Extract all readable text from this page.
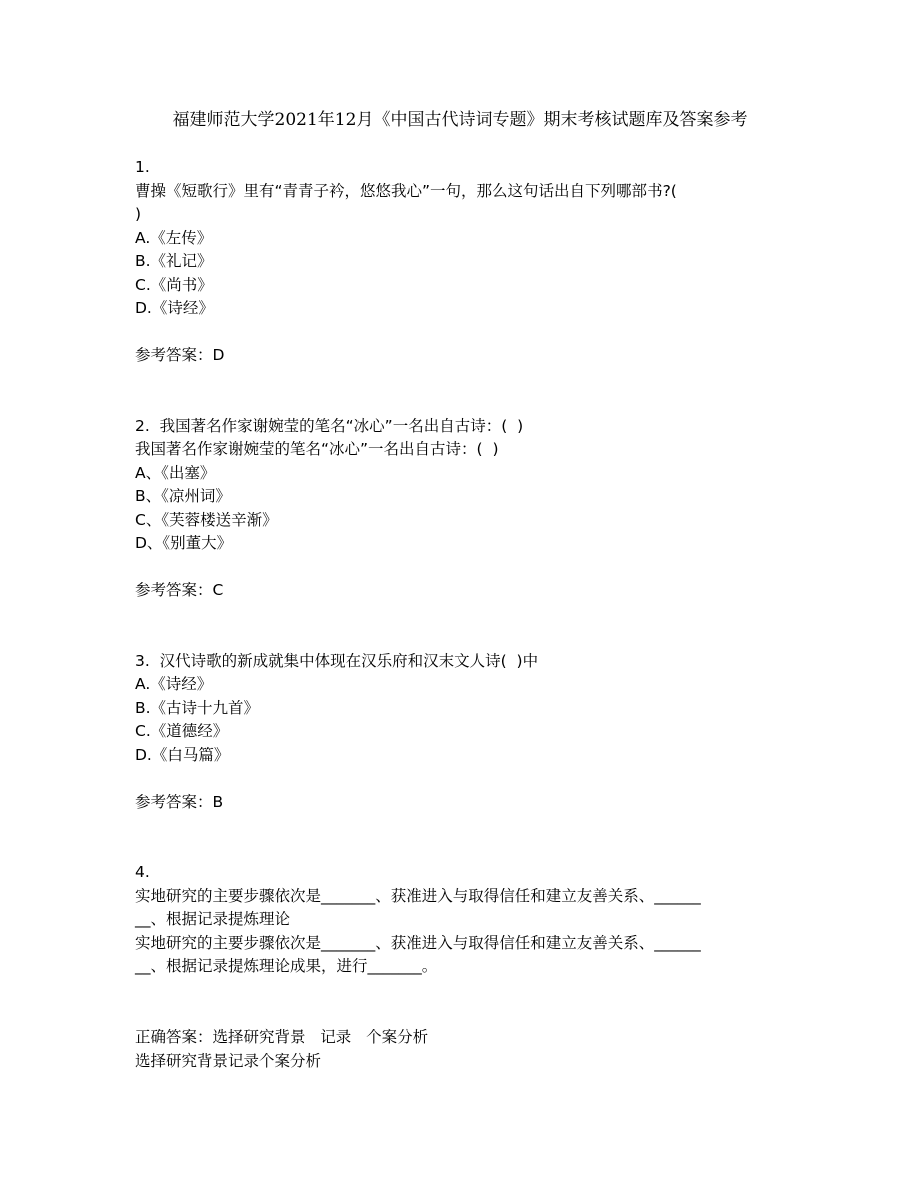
福建师范大学2021年12月《中国古代诗词专题》期末考核试题库及答案参考
1.
曹操《短歌行》里有“青青子衿，悠悠我心”一句，那么这句话出自下列哪部书?(
)
A.《左传》
B.《礼记》
C.《尚书》
D.《诗经》
参考答案：D
2.  我国著名作家谢婉莹的笔名“冰心”一名出自古诗：(  )
我国著名作家谢婉莹的笔名“冰心”一名出自古诗：(  )
A、《出塞》
B、《凉州词》
C、《芙蓉楼送辛渐》
D、《别董大》
参考答案：C
3.  汉代诗歌的新成就集中体现在汉乐府和汉末文人诗(  )中
A.《诗经》
B.《古诗十九首》
C.《道德经》
D.《白马篇》
参考答案：B
4.
实地研究的主要步骤依次是_______、获准进入与取得信任和建立友善关系、______
__、根据记录提炼理论
实地研究的主要步骤依次是_______、获准进入与取得信任和建立友善关系、______
__、根据记录提炼理论成果，进行_______。
正确答案：选择研究背景   记录   个案分析
选择研究背景记录个案分析
